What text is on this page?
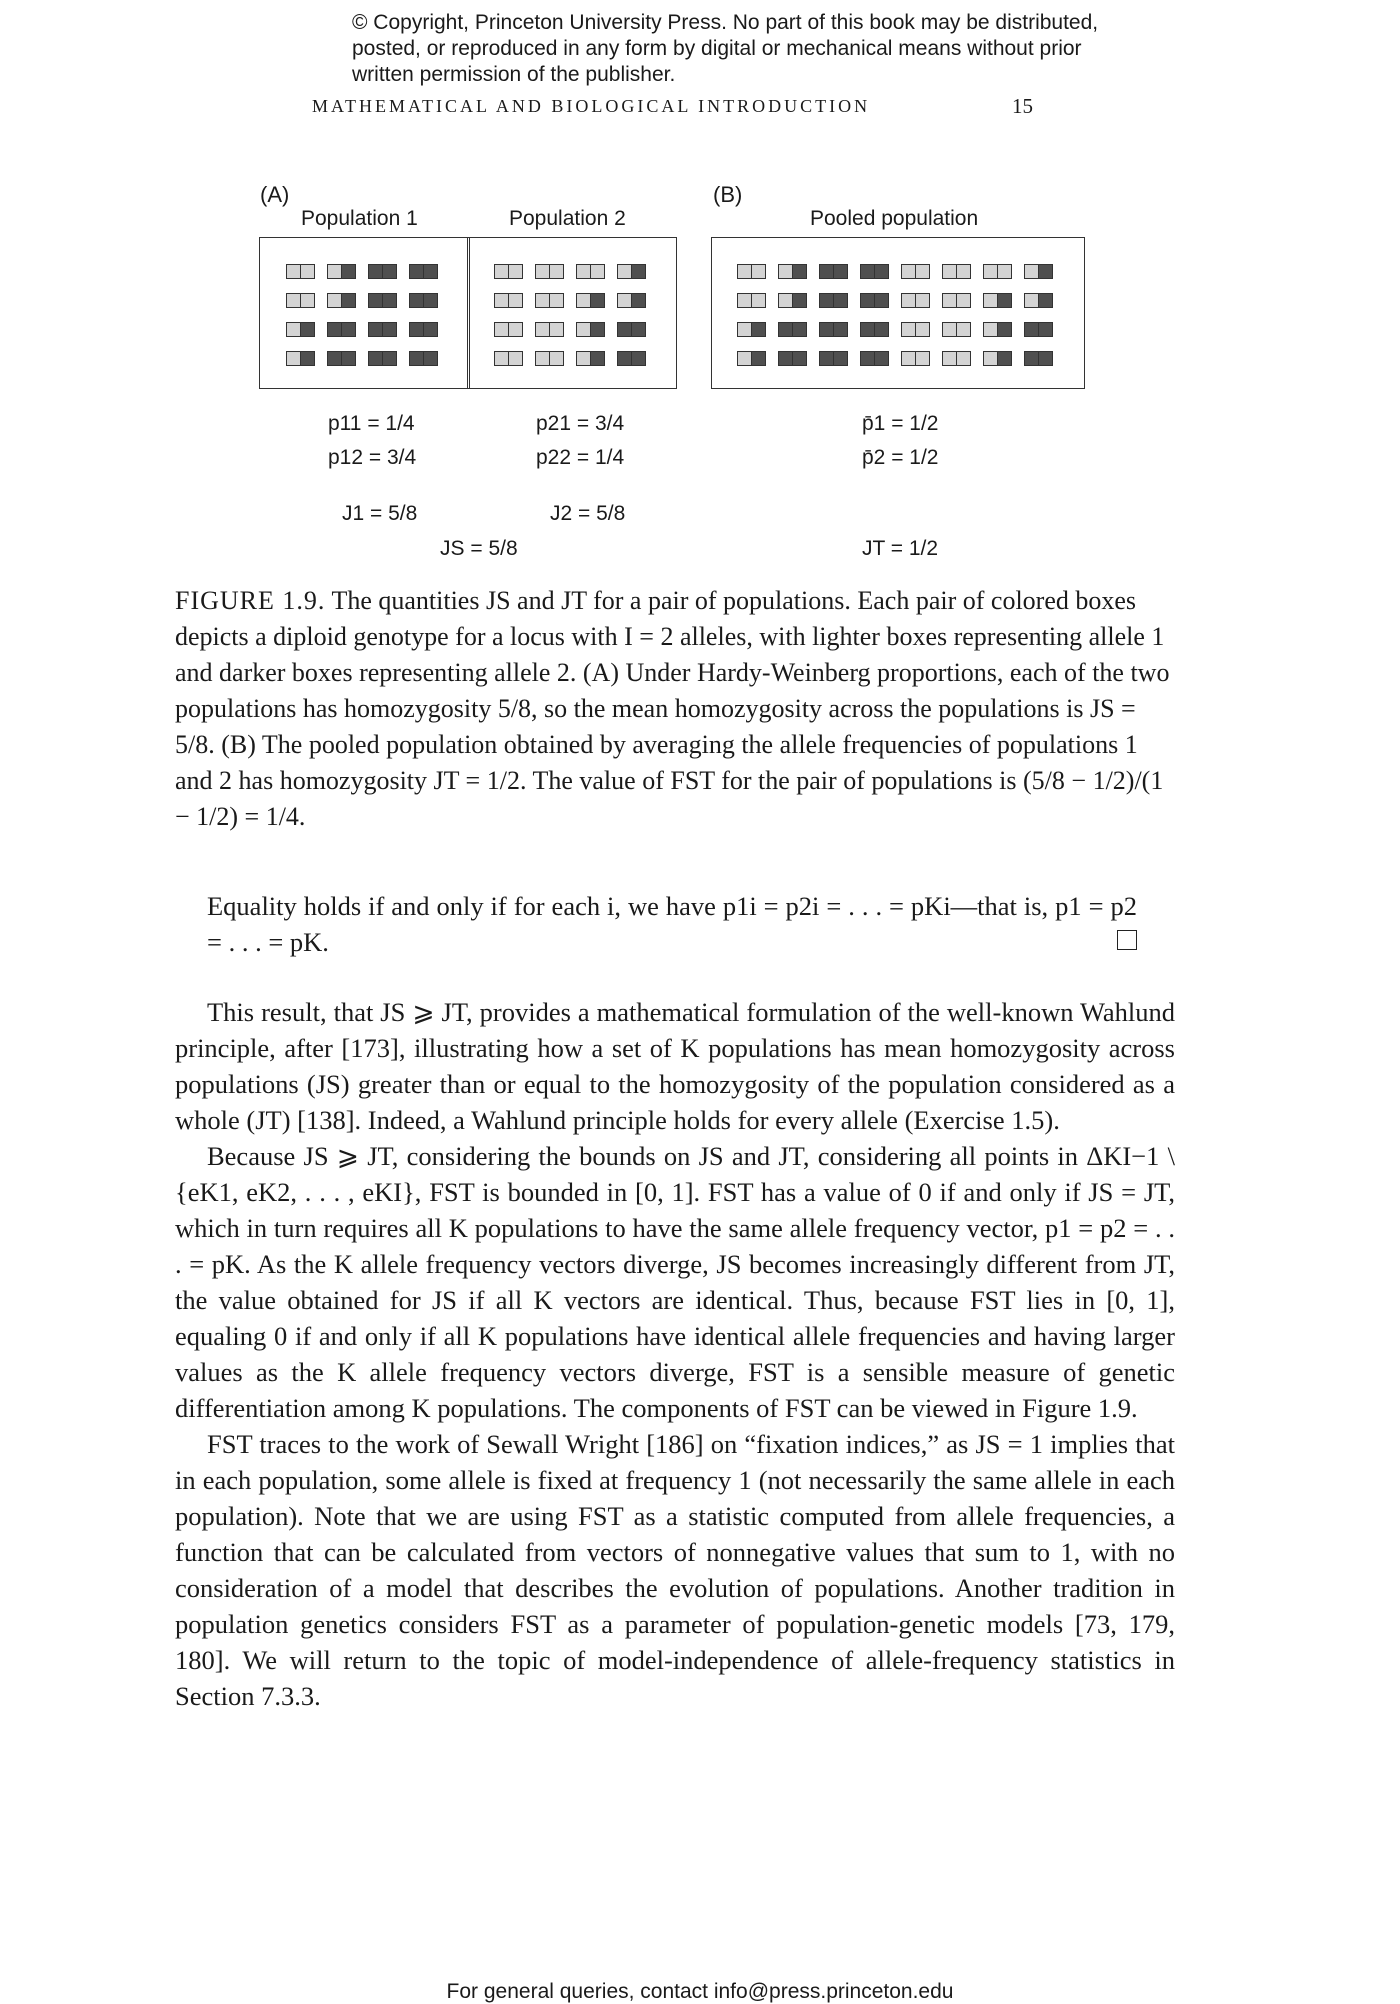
© Copyright, Princeton University Press. No part of this book may be distributed, posted, or reproduced in any form by digital or mechanical means without prior written permission of the publisher.
MATHEMATICAL AND BIOLOGICAL INTRODUCTION	15
(A)	(B)
Population 1	Population 2	Pooled population
p11 = 1/4
p12 = 3/4
p21 = 3/4
p22 = 1/4
p̄1 = 1/2
p̄2 = 1/2
J1 = 5/8	J2 = 5/8
JS = 5/8	JT = 1/2
FIGURE 1.9. The quantities JS and JT for a pair of populations. Each pair of colored boxes depicts a diploid genotype for a locus with I = 2 alleles, with lighter boxes representing allele 1 and darker boxes representing allele 2. (A) Under Hardy-Weinberg proportions, each of the two populations has homozygosity 5/8, so the mean homozygosity across the populations is JS = 5/8. (B) The pooled population obtained by averaging the allele frequencies of populations 1 and 2 has homozygosity JT = 1/2. The value of FST for the pair of populations is (5/8 − 1/2)/(1 − 1/2) = 1/4.
Equality holds if and only if for each i, we have p1i = p2i = . . . = pKi—that is, p1 = p2 = . . . = pK.

This result, that JS ⩾ JT, provides a mathematical formulation of the well-known Wahlund principle, after [173], illustrating how a set of K populations has mean homozygosity across populations (JS) greater than or equal to the homozygosity of the population considered as a whole (JT) [138]. Indeed, a Wahlund principle holds for every allele (Exercise 1.5).

Because JS ⩾ JT, considering the bounds on JS and JT, considering all points in ΔKI−1 \ {eK1, eK2, . . . , eKI}, FST is bounded in [0, 1]. FST has a value of 0 if and only if JS = JT, which in turn requires all K populations to have the same allele frequency vector, p1 = p2 = . . . = pK. As the K allele frequency vectors diverge, JS becomes increasingly different from JT, the value obtained for JS if all K vectors are identical. Thus, because FST lies in [0, 1], equaling 0 if and only if all K populations have identical allele frequencies and having larger values as the K allele frequency vectors diverge, FST is a sensible measure of genetic differentiation among K populations. The components of FST can be viewed in Figure 1.9.

FST traces to the work of Sewall Wright [186] on “fixation indices,” as JS = 1 implies that in each population, some allele is fixed at frequency 1 (not necessarily the same allele in each population). Note that we are using FST as a statistic computed from allele frequencies, a function that can be calculated from vectors of nonnegative values that sum to 1, with no consideration of a model that describes the evolution of populations. Another tradition in population genetics considers FST as a parameter of population-genetic models [73, 179, 180]. We will return to the topic of model-independence of allele-frequency statistics in Section 7.3.3.

For general queries, contact info@press.princeton.edu
